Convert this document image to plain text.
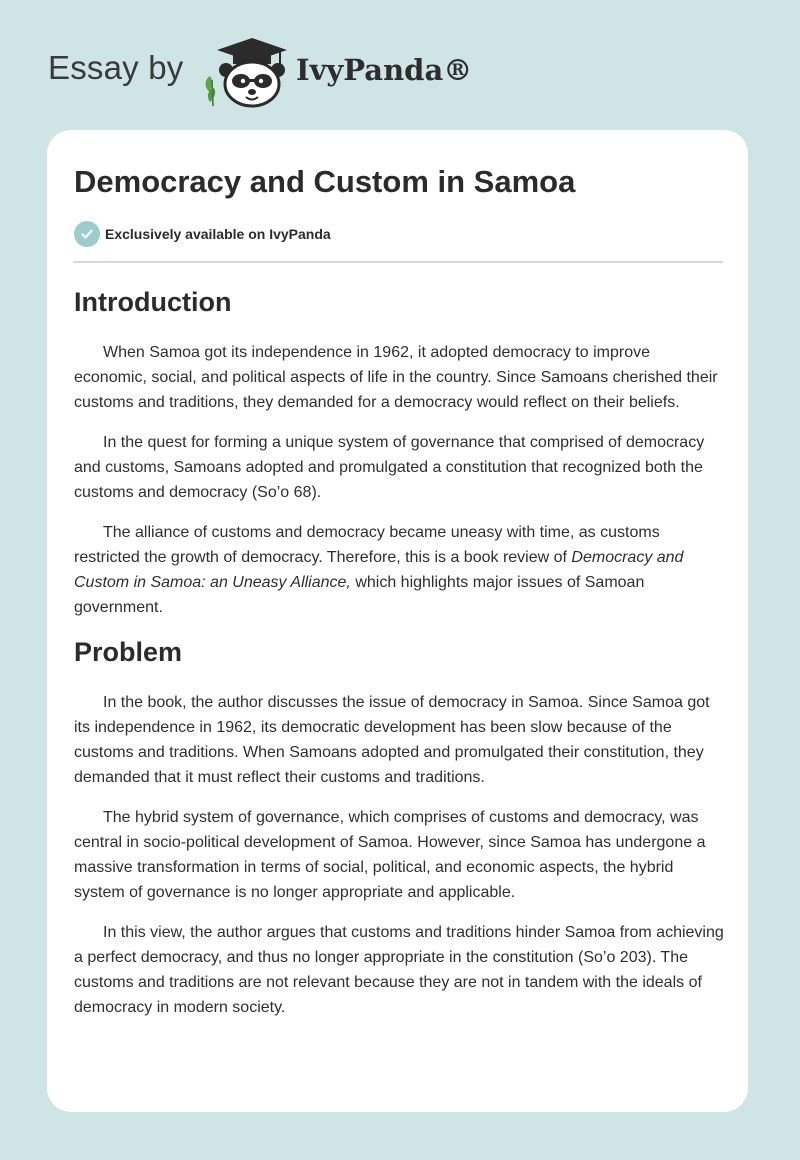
Essay by	IvyPanda®
Democracy and Custom in Samoa
Exclusively available on IvyPanda
Introduction

When Samoa got its independence in 1962, it adopted democracy to improve economic, social, and political aspects of life in the country. Since Samoans cherished their customs and traditions, they demanded for a democracy would reflect on their beliefs.

In the quest for forming a unique system of governance that comprised of democracy and customs, Samoans adopted and promulgated a constitution that recognized both the customs and democracy (So’o 68).

The alliance of customs and democracy became uneasy with time, as customs restricted the growth of democracy. Therefore, this is a book review of Democracy and Custom in Samoa: an Uneasy Alliance, which highlights major issues of Samoan government.

Problem

In the book, the author discusses the issue of democracy in Samoa. Since Samoa got its independence in 1962, its democratic development has been slow because of the customs and traditions. When Samoans adopted and promulgated their constitution, they demanded that it must reflect their customs and traditions.

The hybrid system of governance, which comprises of customs and democracy, was central in socio-political development of Samoa. However, since Samoa has undergone a massive transformation in terms of social, political, and economic aspects, the hybrid system of governance is no longer appropriate and applicable.

In this view, the author argues that customs and traditions hinder Samoa from achieving a perfect democracy, and thus no longer appropriate in the constitution (So’o 203). The customs and traditions are not relevant because they are not in tandem with the ideals of democracy in modern society.
